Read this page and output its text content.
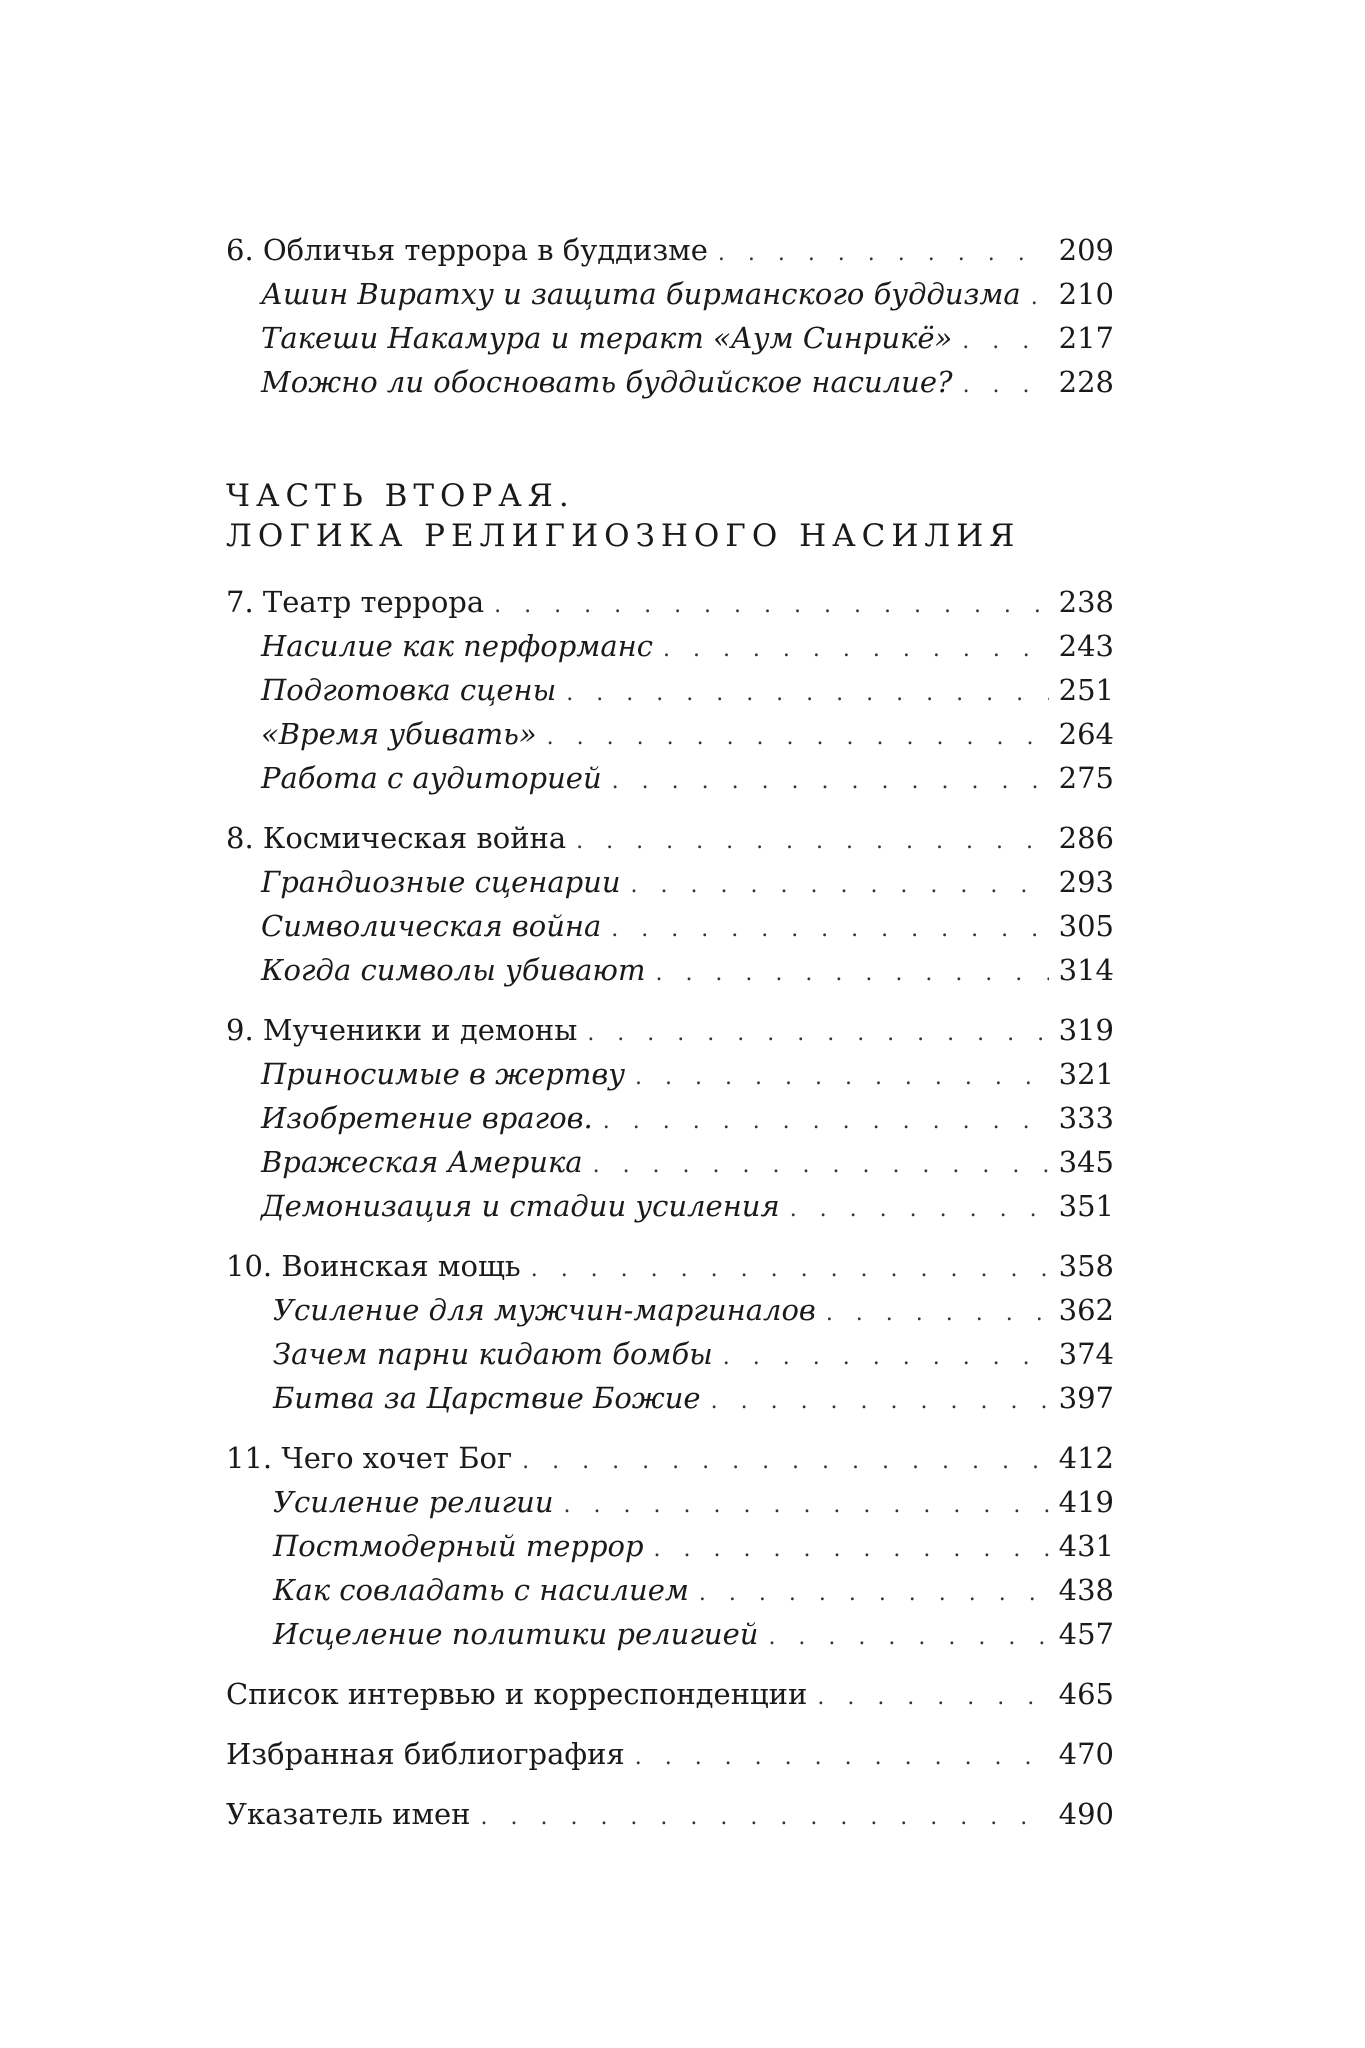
6. Обличья террора в буддизме . . .	209
Ашин Виратху и защита бирманского буддизма . . . 210
Такеши Накамура и теракт «Аум Синрикё» . . .	217
Можно ли обосновать буддийское насилие? . . .	228
ЧАСТЬ ВТОРАЯ.
ЛОГИКА РЕЛИГИОЗНОГО НАСИЛИЯ
7. Театр террора . . .	238
Насилие как перформанс . . .	243
Подготовка сцены . . .	251
«Время убивать» . . .	264
Работа с аудиторией . . .	275
8. Космическая война . . .	286
Грандиозные сценарии . . .	293
Символическая война . . .	305
Когда символы убивают . . .	314
9. Мученики и демоны . . .	319
Приносимые в жертву . . .	321
Изобретение врагов. . . .	333
Вражеская Америка . . .	345
Демонизация и стадии усиления . . .	351
10. Воинская мощь . . .	358
Усиление для мужчин-маргиналов . . .	362
Зачем парни кидают бомбы . . .	374
Битва за Царствие Божие . . .	397
11. Чего хочет Бог . . .	412
Усиление религии . . .	419
Постмодерный террор . . .	431
Как совладать с насилием . . .	438
Исцеление политики религией . . .	457
Список интервью и корреспонденции . . .	465
Избранная библиография . . .	470
Указатель имен . . .	490
